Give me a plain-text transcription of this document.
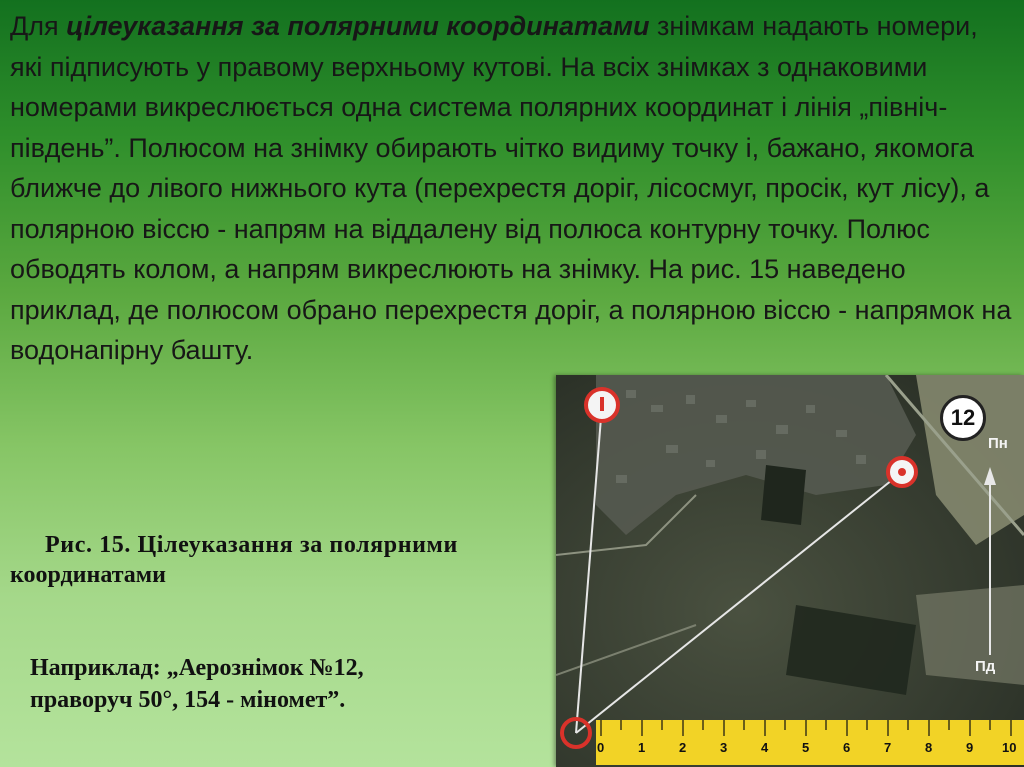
Для цілеуказання за полярними координатами знімкам надають номери, які підписують у правому верхньому кутові. На всіх знімках з однаковими номерами викреслюється одна система полярних координат і лінія „північ-південь”. Полюсом на знімку обирають чітко видиму точку і, бажано, якомога ближче до лівого нижнього кута (перехрестя доріг, лісосмуг, просік, кут лісу), а полярною віссю - напрям на віддалену від полюса контурну точку. Полюс обводять колом, а напрям викреслюють на знімку. На рис. 15 наведено приклад, де полюсом обрано перехрестя доріг, а полярною віссю - напрямок на водонапірну башту.

Рис. 15. Цілеуказання за полярними
координатами

Наприклад: „Аерознімок №12,
праворуч 50°, 154 - міномет”.

12
Пн
Пд
0	1	2	3	4	5	6	7	8	9 10
